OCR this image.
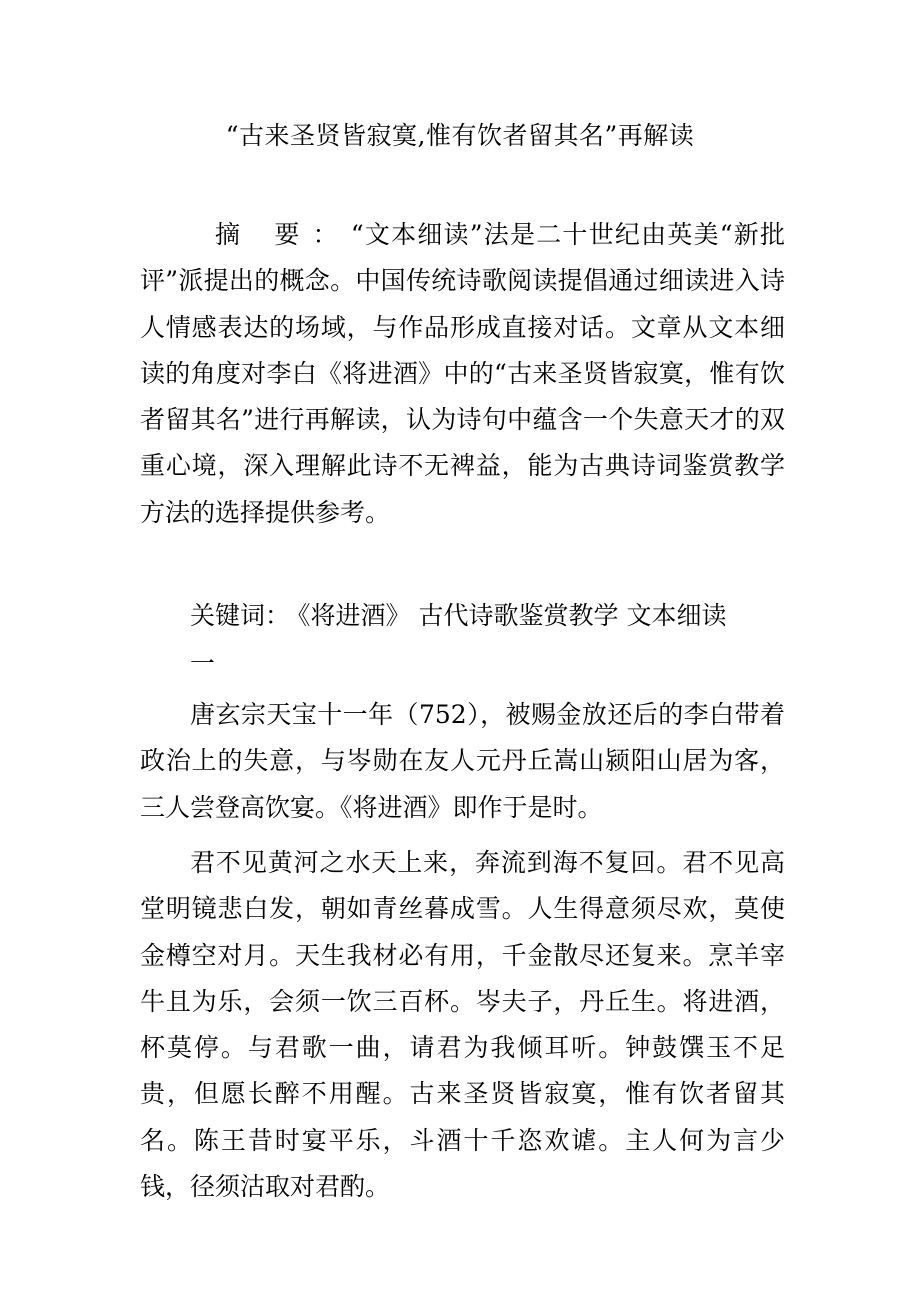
“古来圣贤皆寂寞,惟有饮者留其名”再解读

摘 要：“文本细读”法是二十世纪由英美“新批评”派提出的概念。中国传统诗歌阅读提倡通过细读进入诗人情感表达的场域，与作品形成直接对话。文章从文本细读的角度对李白《将进酒》中的“古来圣贤皆寂寞，惟有饮者留其名”进行再解读，认为诗句中蕴含一个失意天才的双重心境，深入理解此诗不无裨益，能为古典诗词鉴赏教学方法的选择提供参考。

关键词： 《将进酒》 古代诗歌鉴赏教学 文本细读
一

唐玄宗天宝十一年（752），被赐金放还后的李白带着政治上的失意，与岑勋在友人元丹丘嵩山颍阳山居为客，三人尝登高饮宴。《将进酒》即作于是时。

君不见黄河之水天上来，奔流到海不复回。君不见高堂明镜悲白发，朝如青丝暮成雪。人生得意须尽欢，莫使金樽空对月。天生我材必有用，千金散尽还复来。烹羊宰牛且为乐，会须一饮三百杯。岑夫子，丹丘生。将进酒，杯莫停。与君歌一曲，请君为我倾耳听。钟鼓馔玉不足贵，但愿长醉不用醒。古来圣贤皆寂寞，惟有饮者留其名。陈王昔时宴平乐，斗酒十千恣欢谑。主人何为言少钱，径须沽取对君酌。
